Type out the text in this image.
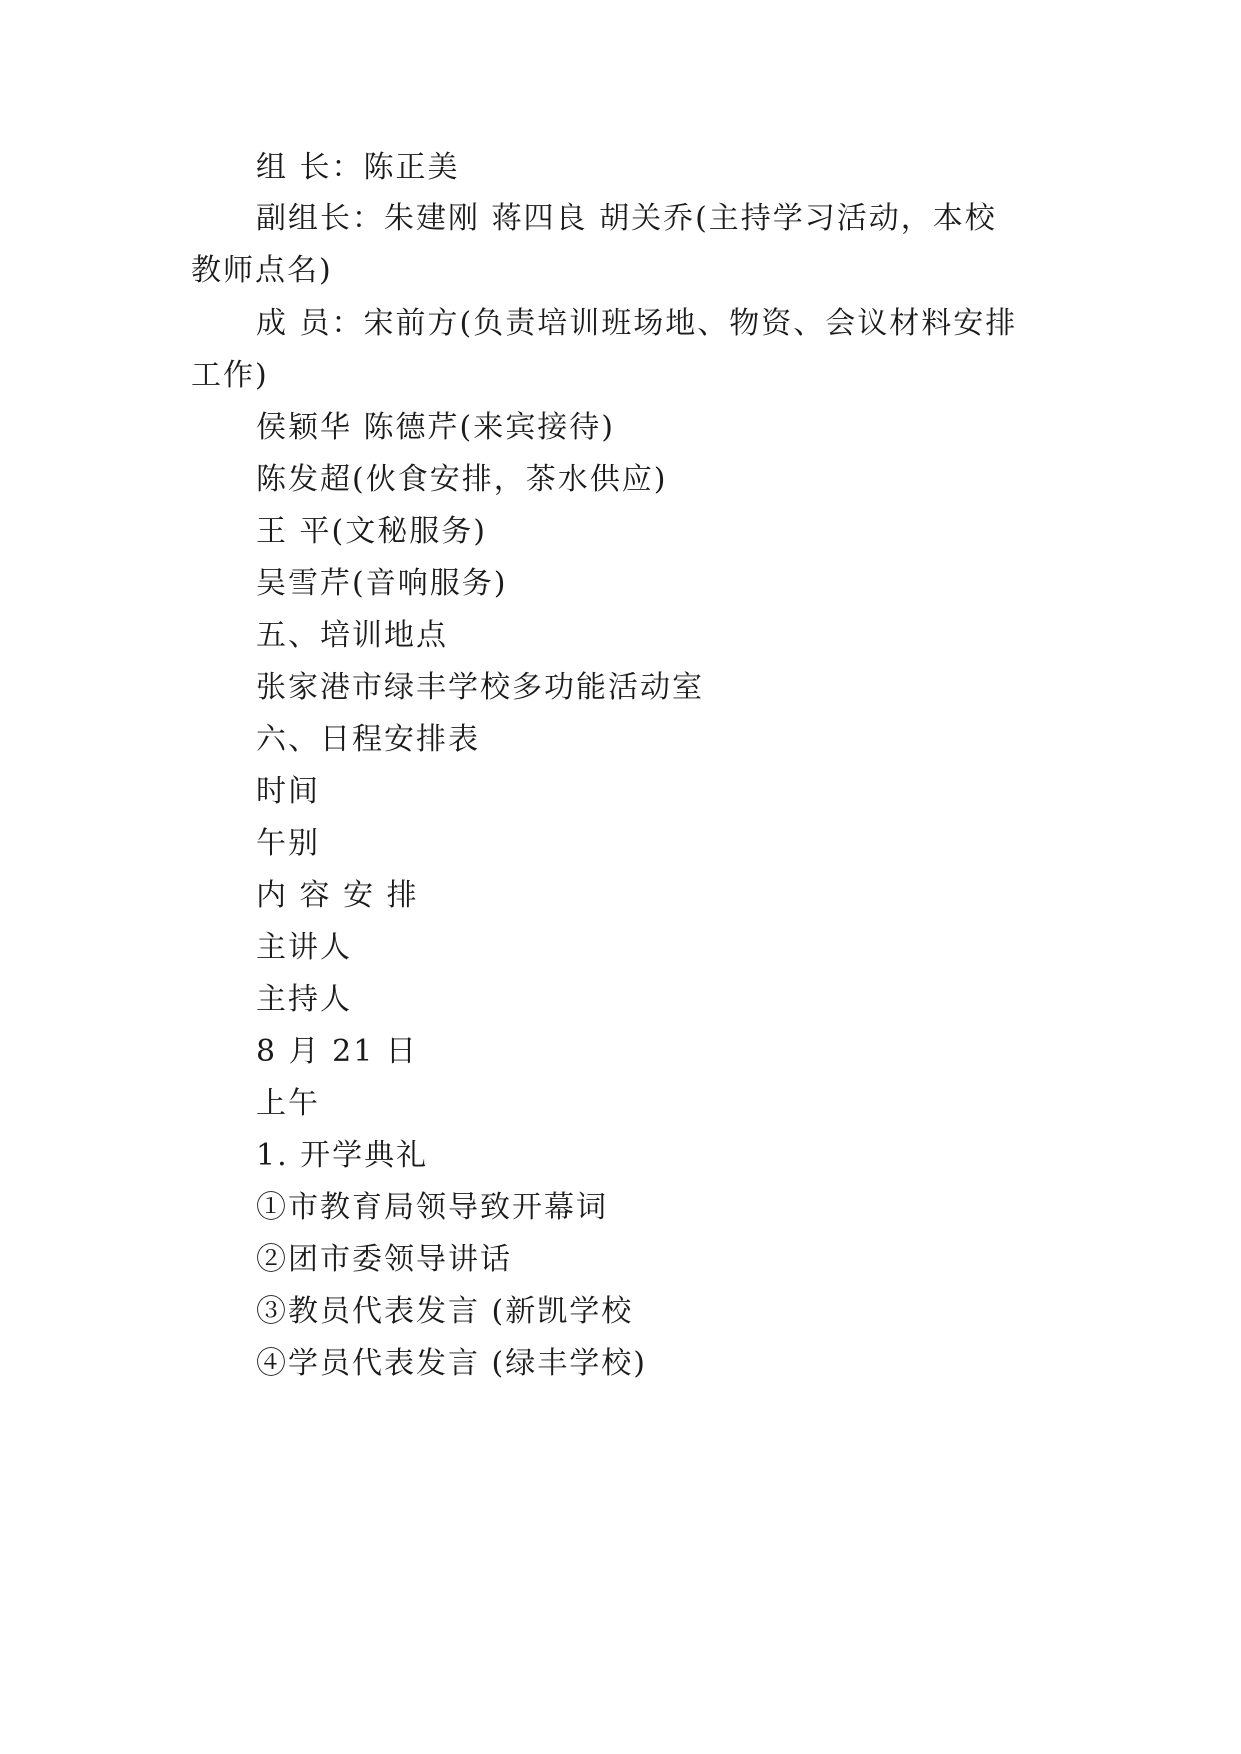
组 长：陈正美
副组长：朱建刚 蒋四良 胡关乔(主持学习活动，本校
教师点名)
成 员：宋前方(负责培训班场地、物资、会议材料安排
工作)
侯颖华 陈德芹(来宾接待)
陈发超(伙食安排，茶水供应)
王 平(文秘服务)
吴雪芹(音响服务)
五、培训地点
张家港市绿丰学校多功能活动室
六、日程安排表
时间
午别
内 容 安 排
主讲人
主持人
8 月 21 日
上午
1. 开学典礼
①市教育局领导致开幕词
②团市委领导讲话
③教员代表发言 (新凯学校
④学员代表发言 (绿丰学校)
